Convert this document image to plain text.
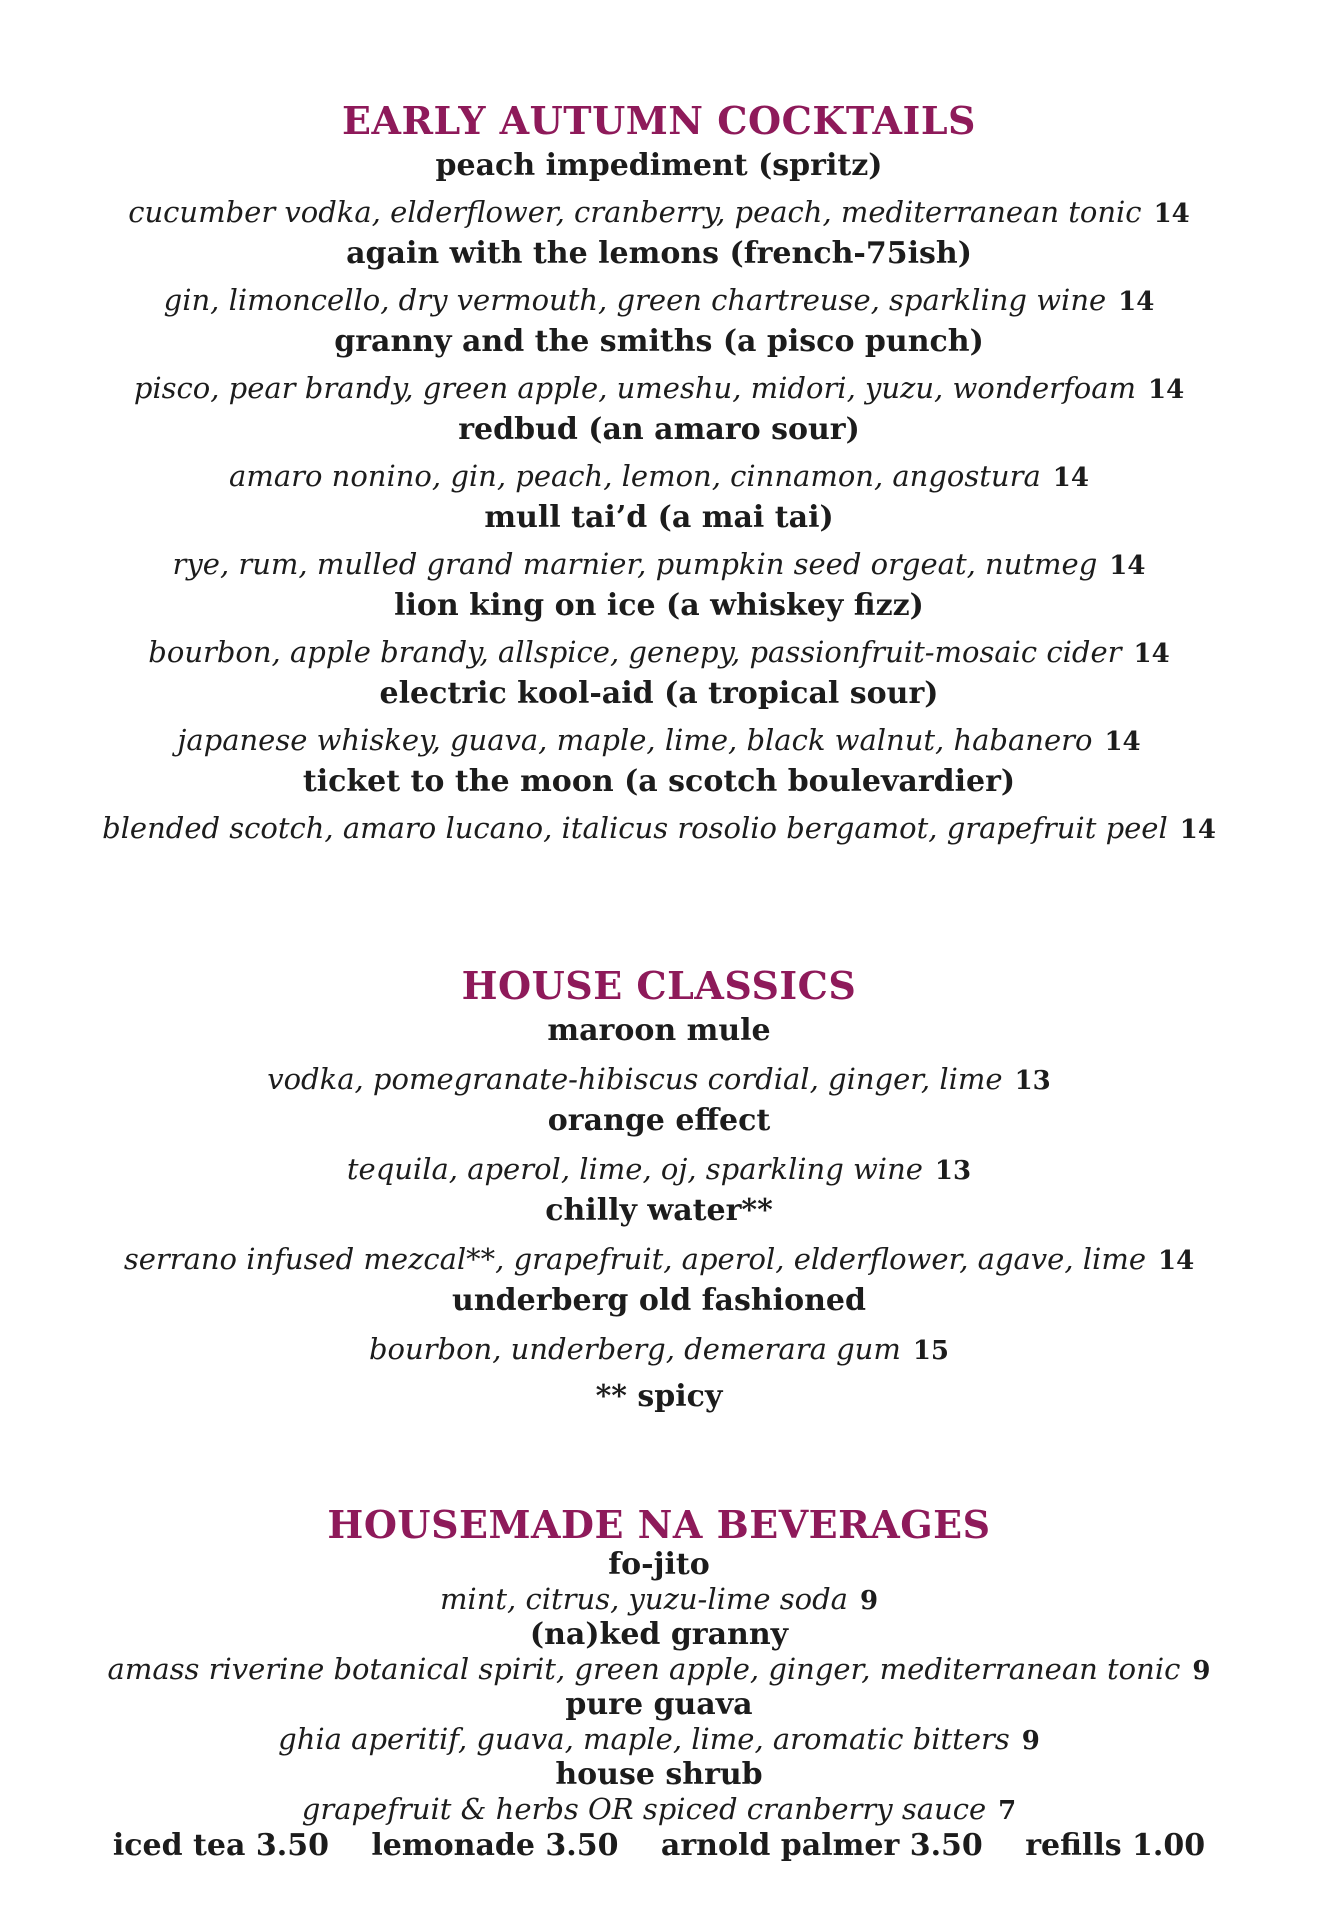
EARLY AUTUMN COCKTAILS
peach impediment (spritz)
cucumber vodka, elderflower, cranberry, peach, mediterranean tonic 14
again with the lemons (french-75ish)
gin, limoncello, dry vermouth, green chartreuse, sparkling wine 14
granny and the smiths (a pisco punch)
pisco, pear brandy, green apple, umeshu, midori, yuzu, wonderfoam 14
redbud (an amaro sour)
amaro nonino, gin, peach, lemon, cinnamon, angostura 14
mull tai’d (a mai tai)
rye, rum, mulled grand marnier, pumpkin seed orgeat, nutmeg 14
lion king on ice (a whiskey fizz)
bourbon, apple brandy, allspice, genepy, passionfruit-mosaic cider 14
electric kool-aid (a tropical sour)
japanese whiskey, guava, maple, lime, black walnut, habanero 14
ticket to the moon (a scotch boulevardier)
blended scotch, amaro lucano, italicus rosolio bergamot, grapefruit peel 14
HOUSE CLASSICS
maroon mule
vodka, pomegranate-hibiscus cordial, ginger, lime 13
orange effect
tequila, aperol, lime, oj, sparkling wine 13
chilly water**
serrano infused mezcal**, grapefruit, aperol, elderflower, agave, lime 14
underberg old fashioned
bourbon, underberg, demerara gum 15
** spicy
HOUSEMADE NA BEVERAGES
fo-jito
mint, citrus, yuzu-lime soda 9
(na)ked granny
amass riverine botanical spirit, green apple, ginger, mediterranean tonic 9
pure guava
ghia aperitif, guava, maple, lime, aromatic bitters 9
house shrub
grapefruit & herbs OR spiced cranberry sauce 7
iced tea 3.50 lemonade 3.50 arnold palmer 3.50 refills 1.00
